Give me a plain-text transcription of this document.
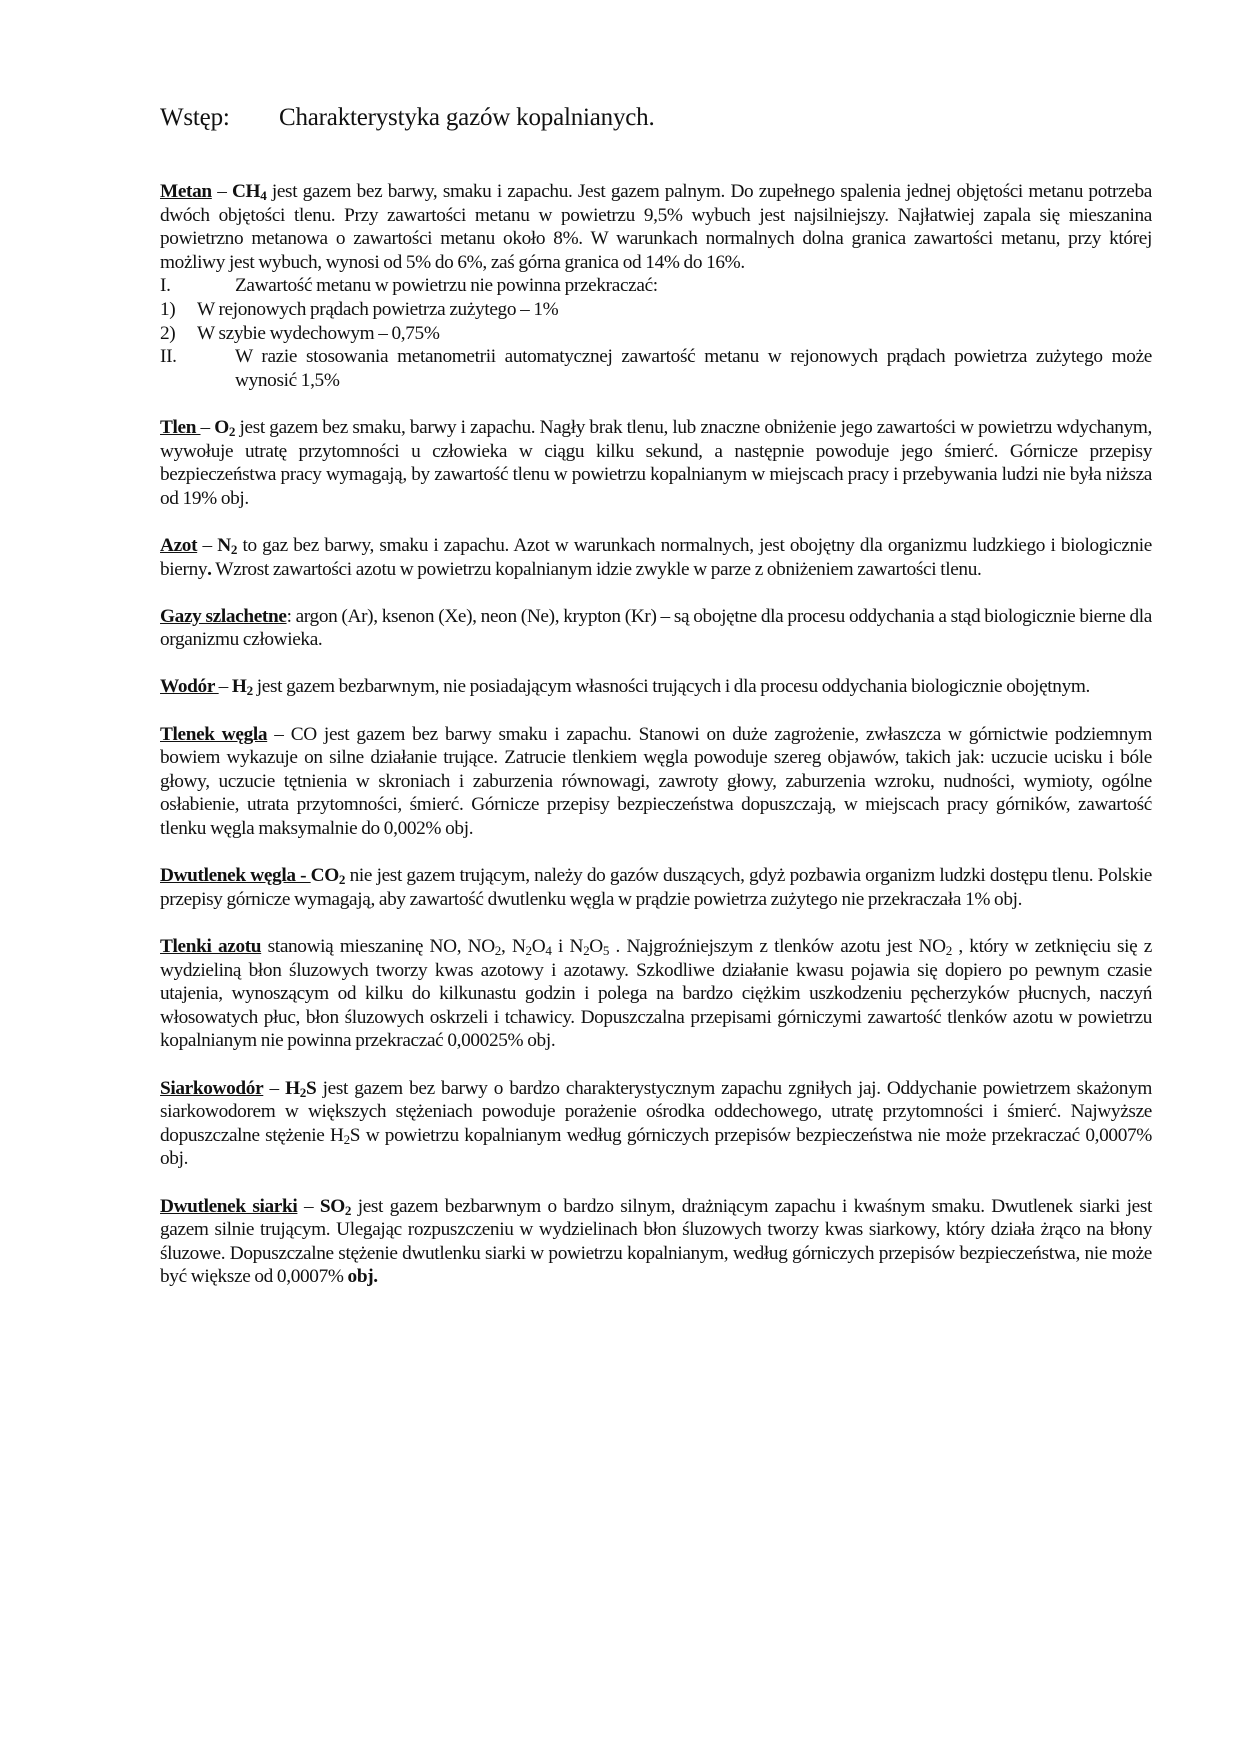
Wstęp: Charakterystyka gazów kopalnianych.

Metan – $CH_4$ jest gazem bez barwy, smaku i zapachu. Jest gazem palnym. Do zupełnego spalenia jednej objętości metanu potrzeba dwóch objętości tlenu. Przy zawartości metanu w powietrzu 9,5% wybuch jest najsilniejszy. Najłatwiej zapala się mieszanina powietrzno metanowa o zawartości metanu około 8%. W warunkach normalnych dolna granica zawartości metanu, przy której możliwy jest wybuch, wynosi od 5% do 6%, zaś górna granica od 14% do 16%.

I.	Zawartość metanu w powietrzu nie powinna przekraczać:
1)	W rejonowych prądach powietrza zużytego – 1%
2)	W szybie wydechowym – 0,75%
II.	W razie stosowania metanometrii automatycznej zawartość metanu w rejonowych prądach powietrza zużytego może wynosić 1,5%

Tlen – $O_2$ jest gazem bez smaku, barwy i zapachu. Nagły brak tlenu, lub znaczne obniżenie jego zawartości w powietrzu wdychanym, wywołuje utratę przytomności u człowieka w ciągu kilku sekund, a następnie powoduje jego śmierć. Górnicze przepisy bezpieczeństwa pracy wymagają, by zawartość tlenu w powietrzu kopalnianym w miejscach pracy i przebywania ludzi nie była niższa od 19% obj.

Azot – $N_2$ to gaz bez barwy, smaku i zapachu. Azot w warunkach normalnych, jest obojętny dla organizmu ludzkiego i biologicznie bierny. Wzrost zawartości azotu w powietrzu kopalnianym idzie zwykle w parze z obniżeniem zawartości tlenu.

Gazy szlachetne: argon (Ar), ksenon (Xe), neon (Ne), krypton (Kr) – są obojętne dla procesu oddychania a stąd biologicznie bierne dla organizmu człowieka.

Wodór – $H_2$ jest gazem bezbarwnym, nie posiadającym własności trujących i dla procesu oddychania biologicznie obojętnym.

Tlenek węgla – CO jest gazem bez barwy smaku i zapachu. Stanowi on duże zagrożenie, zwłaszcza w górnictwie podziemnym bowiem wykazuje on silne działanie trujące. Zatrucie tlenkiem węgla powoduje szereg objawów, takich jak: uczucie ucisku i bóle głowy, uczucie tętnienia w skroniach i zaburzenia równowagi, zawroty głowy, zaburzenia wzroku, nudności, wymioty, ogólne osłabienie, utrata przytomności, śmierć. Górnicze przepisy bezpieczeństwa dopuszczają, w miejscach pracy górników, zawartość tlenku węgla maksymalnie do 0,002% obj.

Dwutlenek węgla - $CO_2$ nie jest gazem trującym, należy do gazów duszących, gdyż pozbawia organizm ludzki dostępu tlenu. Polskie przepisy górnicze wymagają, aby zawartość dwutlenku węgla w prądzie powietrza zużytego nie przekraczała 1% obj.

Tlenki azotu stanowią mieszaninę NO, $NO_2$, $N_2O_4$ i $N_2O_5$ . Najgroźniejszym z tlenków azotu jest $NO_2$ , który w zetknięciu się z wydzieliną błon śluzowych tworzy kwas azotowy i azotawy. Szkodliwe działanie kwasu pojawia się dopiero po pewnym czasie utajenia, wynoszącym od kilku do kilkunastu godzin i polega na bardzo ciężkim uszkodzeniu pęcherzyków płucnych, naczyń włosowatych płuc, błon śluzowych oskrzeli i tchawicy. Dopuszczalna przepisami górniczymi zawartość tlenków azotu w powietrzu kopalnianym nie powinna przekraczać 0,00025% obj.

Siarkowodór – $H_2S$ jest gazem bez barwy o bardzo charakterystycznym zapachu zgniłych jaj. Oddychanie powietrzem skażonym siarkowodorem w większych stężeniach powoduje porażenie ośrodka oddechowego, utratę przytomności i śmierć. Najwyższe dopuszczalne stężenie $H_2S$ w powietrzu kopalnianym według górniczych przepisów bezpieczeństwa nie może przekraczać 0,0007% obj.

Dwutlenek siarki – $SO_2$ jest gazem bezbarwnym o bardzo silnym, drażniącym zapachu i kwaśnym smaku. Dwutlenek siarki jest gazem silnie trującym. Ulegając rozpuszczeniu w wydzielinach błon śluzowych tworzy kwas siarkowy, który działa żrąco na błony śluzowe. Dopuszczalne stężenie dwutlenku siarki w powietrzu kopalnianym, według górniczych przepisów bezpieczeństwa, nie może być większe od 0,0007% obj.
